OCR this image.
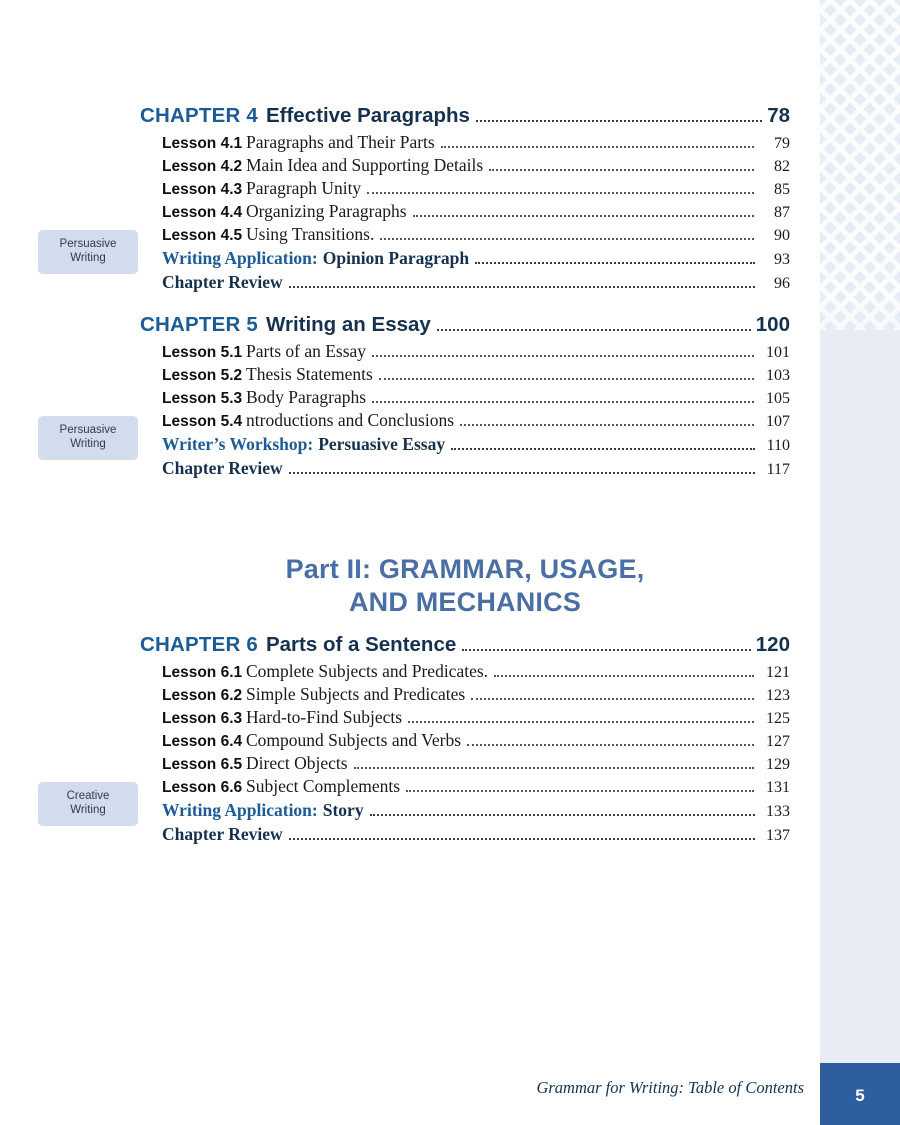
CHAPTER 4 Effective Paragraphs	78
Lesson 4.1 Paragraphs and Their Parts	79
Lesson 4.2 Main Idea and Supporting Details	82
Lesson 4.3 Paragraph Unity	85
Lesson 4.4 Organizing Paragraphs	87
Lesson 4.5 Using Transitions.	90
Persuasive
Writing	Writing Application: Opinion Paragraph	93
Chapter Review	96
CHAPTER 5 Writing an Essay	100
Lesson 5.1 Parts of an Essay	101
Lesson 5.2 Thesis Statements	103
Lesson 5.3 Body Paragraphs	105
Lesson 5.4 ntroductions and Conclusions	107
Persuasive
Writing	Writer’s Workshop: Persuasive Essay	110
Chapter Review	117
Part II: GRAMMAR, USAGE,
AND MECHANICS
CHAPTER 6 Parts of a Sentence	120
Lesson 6.1 Complete Subjects and Predicates.	121
Lesson 6.2 Simple Subjects and Predicates	123
Lesson 6.3 Hard-to-Find Subjects	125
Lesson 6.4 Compound Subjects and Verbs	127
Lesson 6.5 Direct Objects	129
Lesson 6.6 Subject Complements	131
Creative
Writing	Writing Application: Story	133
Chapter Review	137
Grammar for Writing: Table of Contents	5
